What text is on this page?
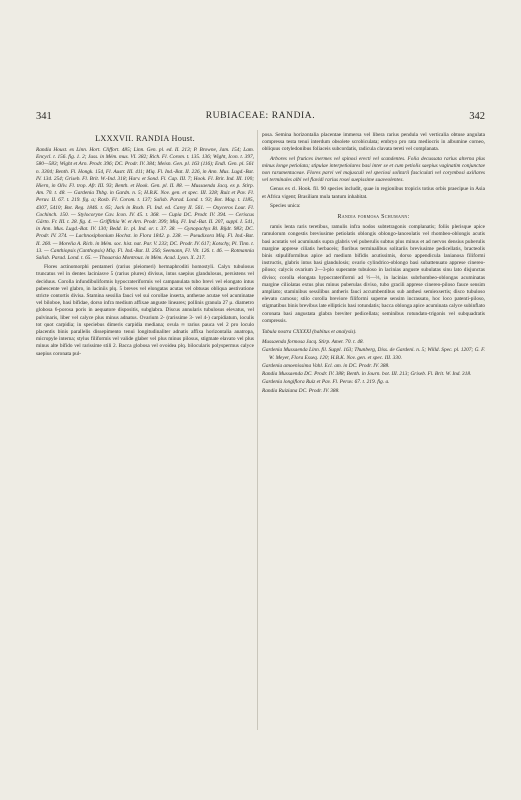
341	RUBIACEAE: RANDIA.	342
LXXXVII. RANDIA Houst.

Randia Houst. ex Linn. Hort. Cliffort. 485; Linn. Gen. pl. ed. II. 213; P. Browne, Jam. 154; Lam. Encycl. t. 156. fig. 1. 2; Juss. in Mém. mus. VI. 382; Rich. Fl. Corom. t. 135. 136; Wight, Icon. t. 397, 580—583; Wight et Arn. Prodr. 396; DC. Prodr. IV. 384; Meisn. Gen. pl. 163 (116); Endl. Gen. pl. 561 n. 3304; Benth. Fl. Hongk. 154, Fl. Austr. III. 411; Miq. Fl. Ind.-Bat. II. 226, in Ann. Mus. Lugd.-Bat. IV. 134. 254; Griseb. Fl. Brit. W.-Ind. 318; Harv. et Sond. Fl. Cap. III. 7; Hook. Fl. Brit. Ind. III. 100; Hiern, in Oliv. Fl. trop. Afr. III. 93; Benth. et Hook. Gen. pl. II. 88. — Mussaenda Jacq. ex p. Stirp. Am. 70. t. 48. — Gardenia Thbg. in Gardn. n. 5; H.B.K. Nov. gen. et spec. III. 328; Ruiz et Pav. Fl. Peruv. II. 67. t. 219. fig. a; Roxb. Fl. Corom. t. 137; Salisb. Parad. Lond. t. 93; Bot. Mag. t. 1185, 4307, 5410; Bot. Reg. 1846. t. 65; Jack in Roxb. Fl. Ind. ed. Carey II. 561. — Oxyceros Lour. Fl. Cochinch. 150. — Stylocoryne Cav. Icon. IV. 45. t. 368. — Cupia DC. Prodr. IV. 394. — Ceriscus Gärtn. Fr. III. t. 28. fig. 4. — Griffithia W. et Arn. Prodr. 399; Miq. Fl. Ind.-Bat. II. 207, suppl. I. 541, in Ann. Mus. Lugd.-Bat. IV. 130; Bedd. Ic. pl. Ind. or. t. 37. 38. — Gynopachys Bl. Bijdr. 983; DC. Prodr. IV. 374. — Lachnosiphonium Hochst. in Flora 1842. p. 238. — Pseudixora Miq. Fl. Ind.-Bat. II. 260. — Morelia A. Rich. in Mém. soc. hist. nat. Par. V. 233; DC. Prodr. IV. 617; Kotschy, Pl. Tinn. t. 13. — Canthiopsis (Canthopsis) Miq. Fl. Ind.-Bat. II. 256; Seemann, Fl. Vit. 126. t. 46. — Rotmannia Salisb. Parad. Lond. t. 65. — Thouarsia Montrouz. in Mém. Acad. Lyon. X. 217.

Flores actinomorphi pentameri (rarius pleiomeri) hermaphroditi homostyli. Calyx tubulosus truncatus vel in dentes laciniasve 5 (rarius plures) divisus, intus saepius glandulosus, persistens vel deciduus. Corolla infundibuliformis hypocrateriformis vel campanulata tubo brevi vel elongato intus pubescente vel glabro, in laciniis plq. 5 breves vel elongatas acutas vel obtusas obliqua aestivatione stricte contortis divisa. Stamina sessilia fauci vel sui corollae inserta, antherae acutae vel acuminatae vel biloboe, basi bifidae, dorso infra medium affixae anguste lineares; pollinis granula 27 μ. diametro globosa 6-porosa poris in aequatore dispositis, subglabra. Discus annularis tubulosus elevatus, vel pulvinaris, liber vel calyce plus minus adnatus. Ovarium 2- (rarissime 3- vel 4-) carpidiatum, loculis tot quot carpidia; in speciebus dimeris carpidia mediana; ovula ∞ rarius pauca vel 2 pro loculo placentis binis parallelis dissepimento tenui longitudinaliter adnatis affixa horizontalia anatropa, micropyle interna; stylus filiformis vel valide glaber vel plus minus pilosus, stigmate elavato vel plus minus alte bifido vel rarissime stili 2. Bacca globosa vel ovoidea plq. bilocularis polyspermus calyce saepius coronata pul-

posa. Semina horizontalia placentae immersa vel libera rarius pendula vel verticalia obtuse angulata compressa testa tenui interdum obsolete scrobiculata; embryo pro rata mediocris in albumine corneo, obliquus cotyledonibus foliaceis subcordatis, radicula clavata tereti vel complanata.

Arbores vel frutices inermes vel spinosi erecti vel scandentes. Folia decussata rarius alterna plus minus longe petiolata; stipulae interpetiolares basi inter se et cum petiolis saepius vaginatim conjunctae non rarumentaceae. Flores parvi vel majusculi vel speciosi solitarii fasciculati vel corymbosi axillares vel terminales albi vel flavidi rarius rosei suepissime suaveolentes.

Genus ex cl. Hook. fil. 90 species includit, quae in regionibus tropicis totius orbis praecipue in Asia et Africa vigent; Brasiliam mula tantum inhabitat.

Species unica:

Randia formosa Schumann:

ramis lenta raris teretibus, ramulis infra nodos subtetragonis complanatis; foliis plerisque apice ramulorum congestis breviusime petiolatis oblongis oblongo-lanceolatis vel rhombeo-oblongis acutis basi acutatis vel acuminatis supra glabris vel puberulis subtus plus minus et ad nervos densius puberulis margine apprese ciliatis herbaceis; floribus terminalibus solitariis breviusime pedicellatis, bracteolis binis stipuliformibus apice ad medium bifidis acutissimis, dorso appendicula lanianosa filiformi instructis, glabris intus basi glandulosis; ovario cylindrico-oblongo basi subattenuato apprese cinereo-piloso; calycis ovarium 2—3-plo superante tubuloso in lacinias anguste subulatas sinu lato disjunctas diviso; corolla elongata hypocrateriformi ad ½—⅔, in lacinias subrhombeo-oblongas acuminatas margine ciliolatas extus plus minus puberulas diviso, tubo gracili apprese cinereo-piloso fauce sensim ampliato; staminibus sessilibus antheris fauci accumbentibus sub anthesi semiexsertis; disco tubuloso elevato carnoso; stilo corolla breviore filiformi superne sensim incrassato, hoc loco patenti-piloso, stigmatibus binis brevibus late ellipticis basi rotundatis; bacca oblonga apice acuminata calyce subinflato coronata basi angustata glabra breviter pedicellata; seminibus rotundato-trigonis vel subquadratis compressis.

Tabula nostra CXXXXI (habitus et analysis).

Mussaenda formosa Jacq. Stirp. Amer. 70. t. 48.

Gardenia Mussaenda Linn. fil. Suppl. 163; Thunberg, Diss. de Gardeni. n. 5; Willd. Spec. pl. 1207; G. F. W. Meyer, Flora Esseq. 120; H.B.K. Nov. gen. et spec. III. 330.

Gardenia amoenissima Vahl. Ecl. am. in DC. Prodr. IV. 388.

Randia Mussaenda DC. Prodr. IV. 388; Benth. in Journ. bot. III. 213; Griseb. Fl. Brit. W. Ind. 318.

Gardenia longiflora Ruiz et Pav. Fl. Peruv. 67. t. 219. fig. a.

Randia Ruiziana DC. Prodr. IV. 388.
